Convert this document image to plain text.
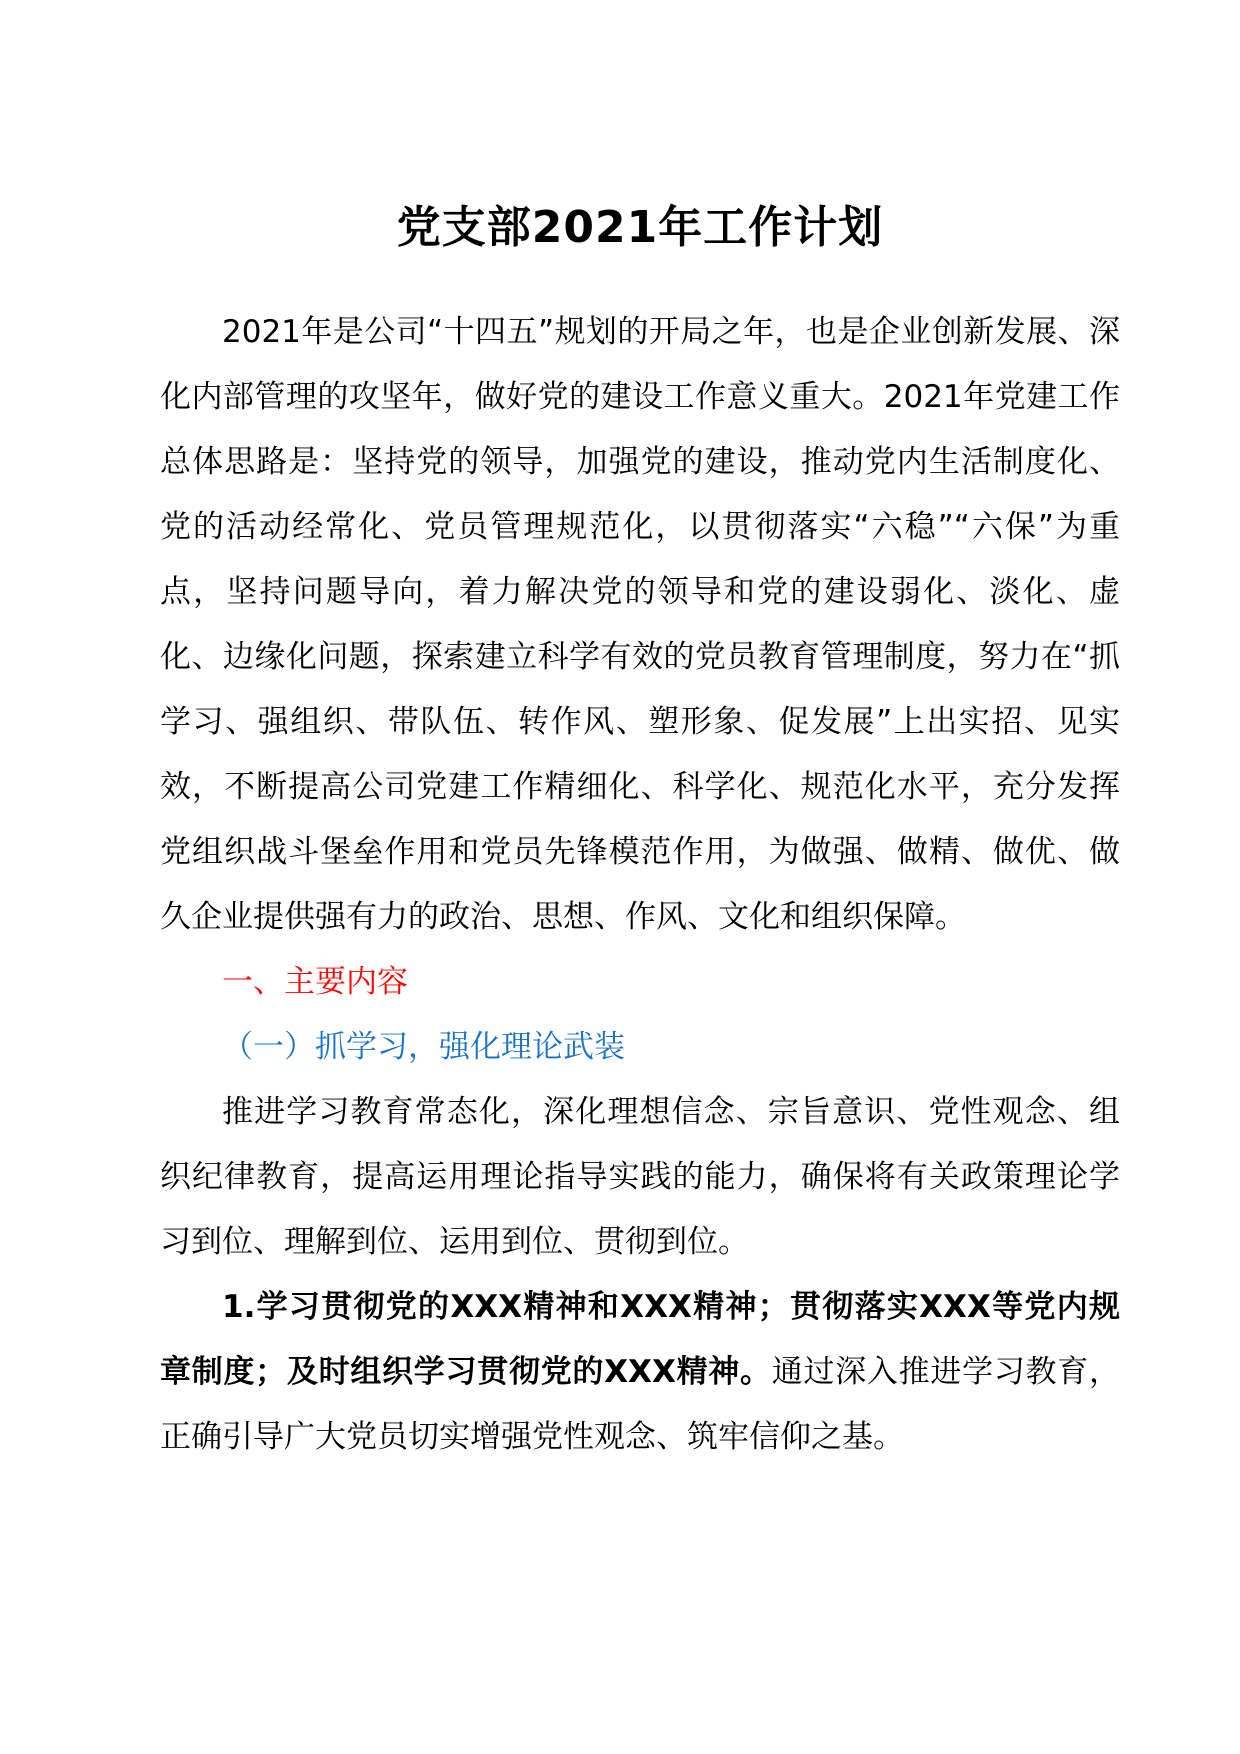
党支部2021年工作计划

2021年是公司“十四五”规划的开局之年，也是企业创新发展、深化内部管理的攻坚年，做好党的建设工作意义重大。2021年党建工作总体思路是：坚持党的领导，加强党的建设，推动党内生活制度化、党的活动经常化、党员管理规范化，以贯彻落实“六稳”“六保”为重点，坚持问题导向，着力解决党的领导和党的建设弱化、淡化、虚化、边缘化问题，探索建立科学有效的党员教育管理制度，努力在“抓学习、强组织、带队伍、转作风、塑形象、促发展”上出实招、见实效，不断提高公司党建工作精细化、科学化、规范化水平，充分发挥党组织战斗堡垒作用和党员先锋模范作用，为做强、做精、做优、做久企业提供强有力的政治、思想、作风、文化和组织保障。

一、主要内容

（一）抓学习，强化理论武装

推进学习教育常态化，深化理想信念、宗旨意识、党性观念、组织纪律教育，提高运用理论指导实践的能力，确保将有关政策理论学习到位、理解到位、运用到位、贯彻到位。

1.学习贯彻党的XXX精神和XXX精神；贯彻落实XXX等党内规章制度；及时组织学习贯彻党的XXX精神。通过深入推进学习教育，正确引导广大党员切实增强党性观念、筑牢信仰之基。
